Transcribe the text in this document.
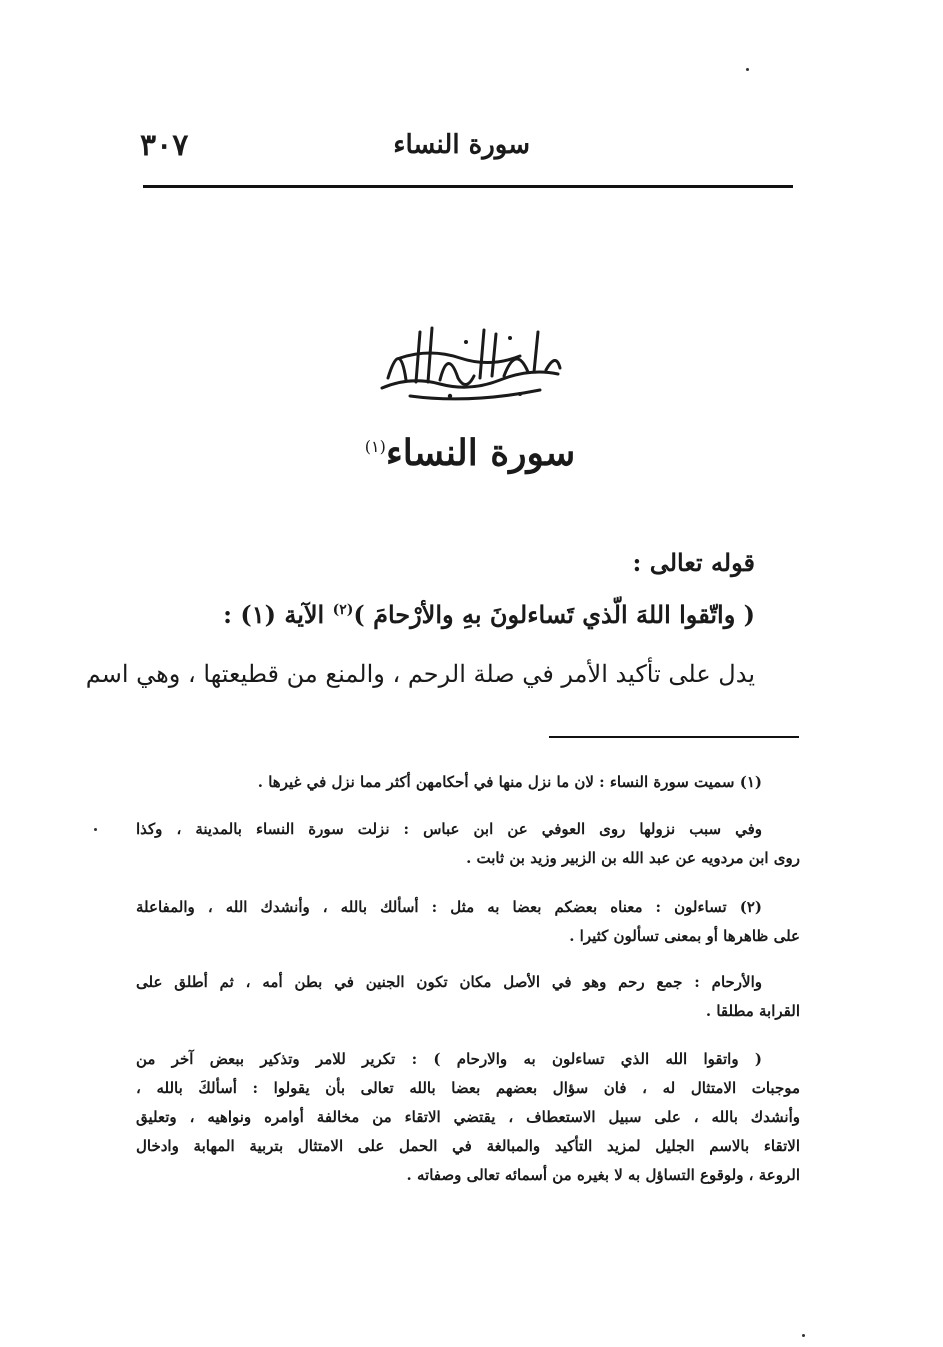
سورة النساء
٣٠٧
سورة النساء$^{(١)}$
قوله تعالى :
( واتّقوا اللهَ الّذي تَساءلونَ بهِ والأرْحامَ )$^{(٢)}$ الآية (١) :
يدل على تأكيد الأمر في صلة الرحم ، والمنع من قطيعتها ، وهي اسم
(١) سميت سورة النساء : لان ما نزل منها في أحكامهن أكثر مما نزل في غيرها .
وفي سبب نزولها روى العوفي عن ابن عباس : نزلت سورة النساء بالمدينة ، وكذا
روى ابن مردويه عن عبد الله بن الزبير وزيد بن ثابت .
(٢) تساءلون : معناه بعضكم بعضا به مثل : أسألك بالله ، وأنشدك الله ، والمفاعلة
على ظاهرها أو بمعنى تسألون كثيرا .
والأرحام : جمع رحم وهو في الأصل مكان تكون الجنين في بطن أمه ، ثم أطلق على
القرابة مطلقا .
( واتقوا الله الذي تساءلون به والارحام ) : تكرير للامر وتذكير ببعض آخر من
موجبات الامتثال له ، فان سؤال بعضهم بعضا بالله تعالى بأن يقولوا : أسألكَ بالله ،
وأنشدك بالله ، على سبيل الاستعطاف ، يقتضي الاتقاء من مخالفة أوامره ونواهيه ، وتعليق
الاتقاء بالاسم الجليل لمزيد التأكيد والمبالغة في الحمل على الامتثال بتربية المهابة وادخال
الروعة ، ولوقوع التساؤل به لا بغيره من أسمائه تعالى وصفاته .
